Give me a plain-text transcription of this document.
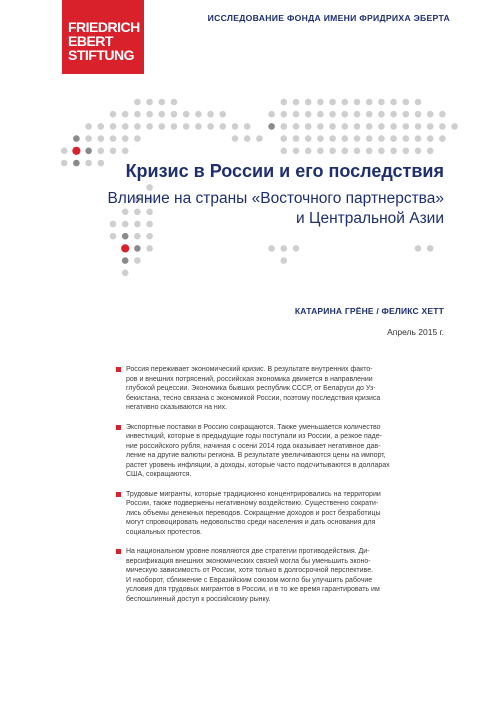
FRIEDRICH
EBERT
STIFTUNG
ИССЛЕДОВАНИЕ ФОНДА ИМЕНИ ФРИДРИХА ЭБЕРТА
Кризис в России и его последствия
Влияние на страны «Восточного партнерства»
и Центральной Азии
КАТАРИНА ГРЁНЕ / ФЕЛИКС ХЕТТ
Апрель 2015 г.

Россия переживает экономический кризис. В результате внутренних факто-
ров и внешних потрясений, российская экономика движется в направлении
глубокой рецессии. Экономика бывших республик СССР, от Беларуси до Уз-
бекистана, тесно связана с экономикой России, поэтому последствия кризиса
негативно сказываются на них.

Экспортные поставки в Россию сокращаются. Также уменьшается количество
инвестиций, которые в предыдущие годы поступали из России, а резкое паде-
ние российского рубля, начиная с осени 2014 года оказывает негативное дав-
ление на другие валюты региона. В результате увеличиваются цены на импорт,
растет уровень инфляции, а доходы, которые часто подсчитываются в долларах
США, сокращаются.

Трудовые мигранты, которые традиционно концентрировались на территории
России, также подвержены негативному воздействию. Существенно сократи-
лись объемы денежных переводов. Сокращение доходов и рост безработицы
могут спровоцировать недовольство среди населения и дать основания для
социальных протестов.

На национальном уровне появляются две стратегии противодействия. Ди-
версификация внешних экономических связей могла бы уменьшить эконо-
мическую зависимость от России, хотя только в долгосрочной перспективе.
И наоборот, сближение с Евразийским союзом могло бы улучшить рабочие
условия для трудовых мигрантов в России, и в то же время гарантировать им
беспошлинный доступ к российскому рынку.
